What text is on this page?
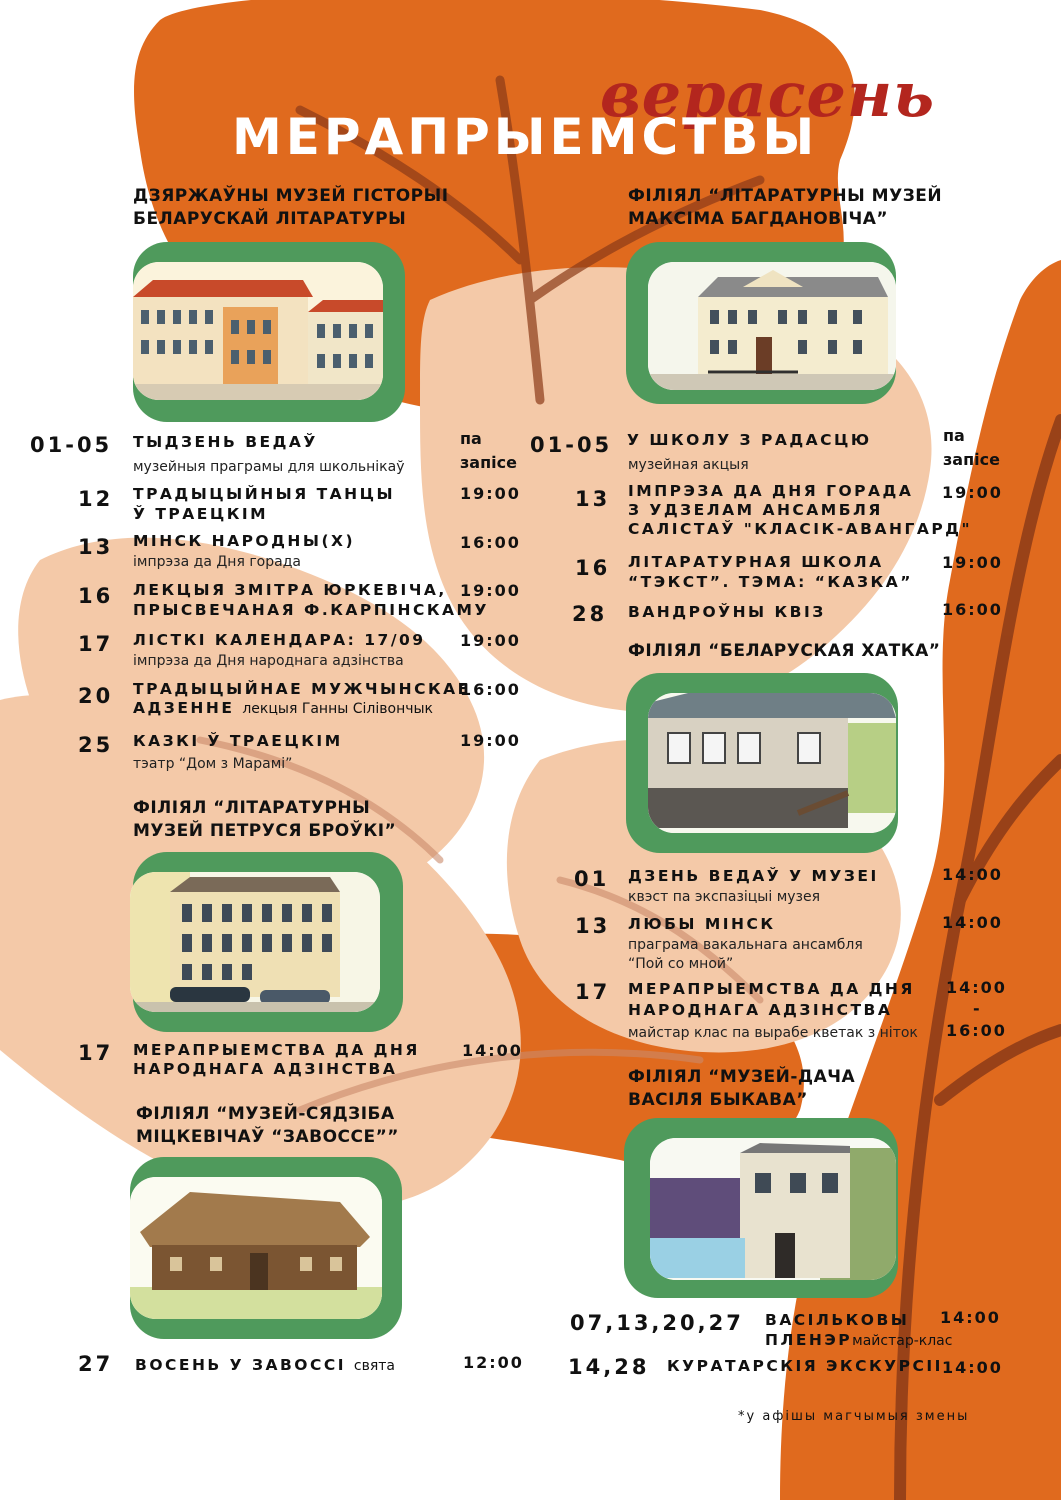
верасень
МЕРАПРЫЕМСТВЫ
ДЗЯРЖАЎНЫ МУЗЕЙ ГІСТОРЫІ
БЕЛАРУСКАЙ ЛІТАРАТУРЫ
01-05 ТЫДЗЕНЬ ВЕДАЎ
музейныя праграмы для школьнікаў
па
запісе
12 ТРАДЫЦЫЙНЫЯ ТАНЦЫ
Ў ТРАЕЦКІМ
19:00
13 МІНСК НАРОДНЫ(Х)
імпрэза да Дня горада
16:00
16 ЛЕКЦЫЯ ЗМІТРА ЮРКЕВІЧА,
ПРЫСВЕЧАНАЯ Ф.КАРПІНСКАМУ
19:00
17 ЛІСТКІ КАЛЕНДАРА: 17/09
імпрэза да Дня народнага адзінства
19:00
20 ТРАДЫЦЫЙНАЕ МУЖЧЫНСКАЕ
АДЗЕННЕ лекцыя Ганны Сілівончык
16:00
25 КАЗКІ Ў ТРАЕЦКІМ
тэатр “Дом з Марамі”
19:00
ФІЛІЯЛ “ЛІТАРАТУРНЫ
МУЗЕЙ ПЕТРУСЯ БРОЎКІ”
17 МЕРАПРЫЕМСТВА ДА ДНЯ
НАРОДНАГА АДЗІНСТВА
14:00
ФІЛІЯЛ “МУЗЕЙ-СЯДЗІБА
МІЦКЕВІЧАЎ “ЗАВОССЕ””
27 ВОСЕНЬ У ЗАВОССІ свята	12:00
ФІЛІЯЛ “ЛІТАРАТУРНЫ МУЗЕЙ
МАКСІМА БАГДАНОВІЧА”
01-05 У ШКОЛУ З РАДАСЦЮ
музейная акцыя
па
запісе
13 ІМПРЭЗА ДА ДНЯ ГОРАДА
З УДЗЕЛАМ АНСАМБЛЯ
САЛІСТАЎ "КЛАСІК-АВАНГАРД"
19:00
16 ЛІТАРАТУРНАЯ ШКОЛА
“ТЭКСТ”. ТЭМА: “КАЗКА”
19:00
28 ВАНДРОЎНЫ КВІЗ	16:00
ФІЛІЯЛ “БЕЛАРУСКАЯ ХАТКА”
01 ДЗЕНЬ ВЕДАЎ У МУЗЕІ
квэст па экспазіцыі музея
14:00
13 ЛЮБЫ МІНСК
праграма вакальнага ансамбля
“Пой со мной”
14:00
17 МЕРАПРЫЕМСТВА ДА ДНЯ
НАРОДНАГА АДЗІНСТВА
майстар клас па вырабе кветак з ніток
14:00
-
16:00
ФІЛІЯЛ “МУЗЕЙ-ДАЧА
ВАСІЛЯ БЫКАВА”
07,13,20,27 ВАСІЛЬКОВЫ
ПЛЕНЭРмайстар-клас
14:00
14,28 КУРАТАРСКІЯ ЭКСКУРСІІ 14:00
*у афішы магчымыя змены
